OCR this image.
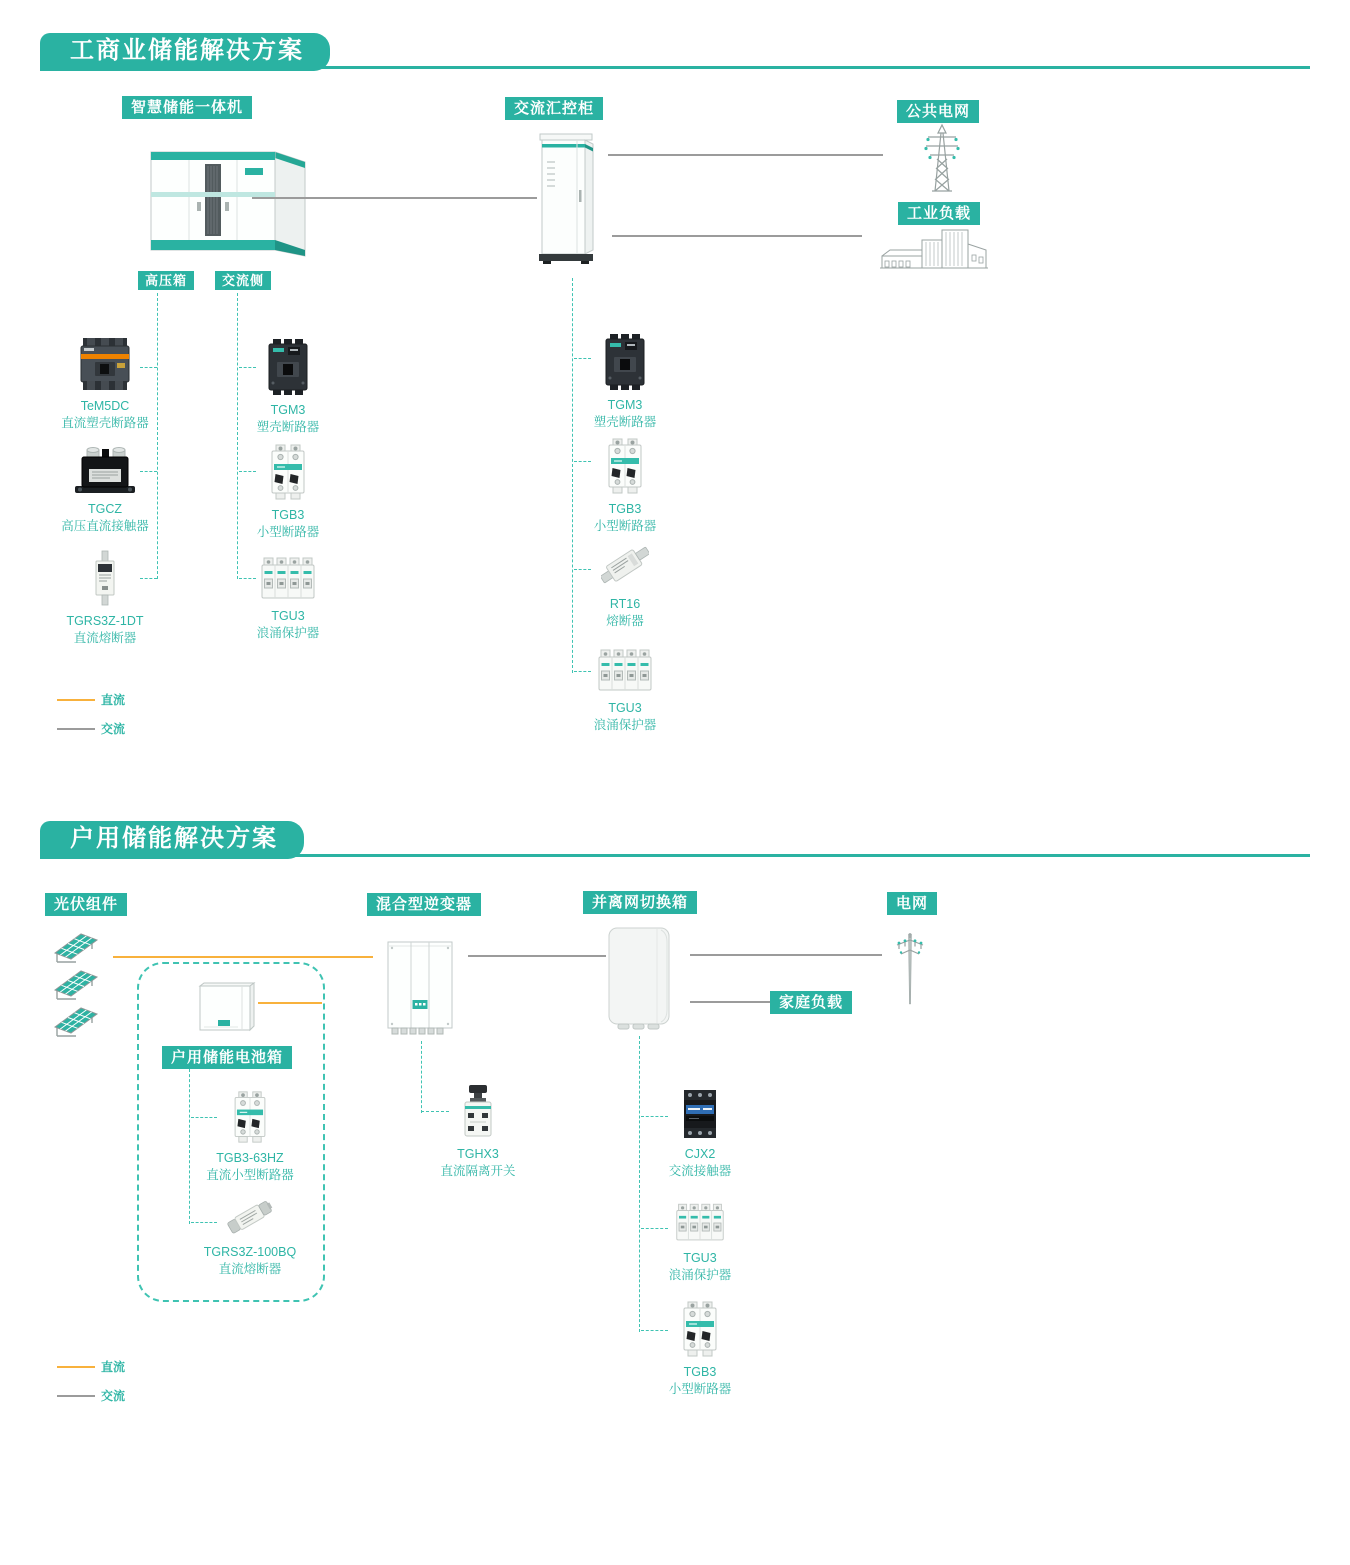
工商业储能解决方案
智慧储能一体机	交流汇控柜	公共电网
工业负载
高压箱	交流侧
TeM5DC
直流塑壳断路器
TGCZ
高压直流接触器
TGRS3Z-1DT
直流熔断器
TGM3
塑壳断路器
TGB3
小型断路器
TGU3
浪涌保护器
TGM3
塑壳断路器
TGB3
小型断路器
RT16
熔断器
TGU3
浪涌保护器
直流
交流
户用储能解决方案
光伏组件	混合型逆变器	并离网切换箱	电网
家庭负载
户用储能电池箱
TGB3-63HZ
直流小型断路器
TGRS3Z-100BQ
直流熔断器
TGHX3
直流隔离开关
CJX2
交流接触器
TGU3
浪涌保护器
TGB3
小型断路器
直流
交流
